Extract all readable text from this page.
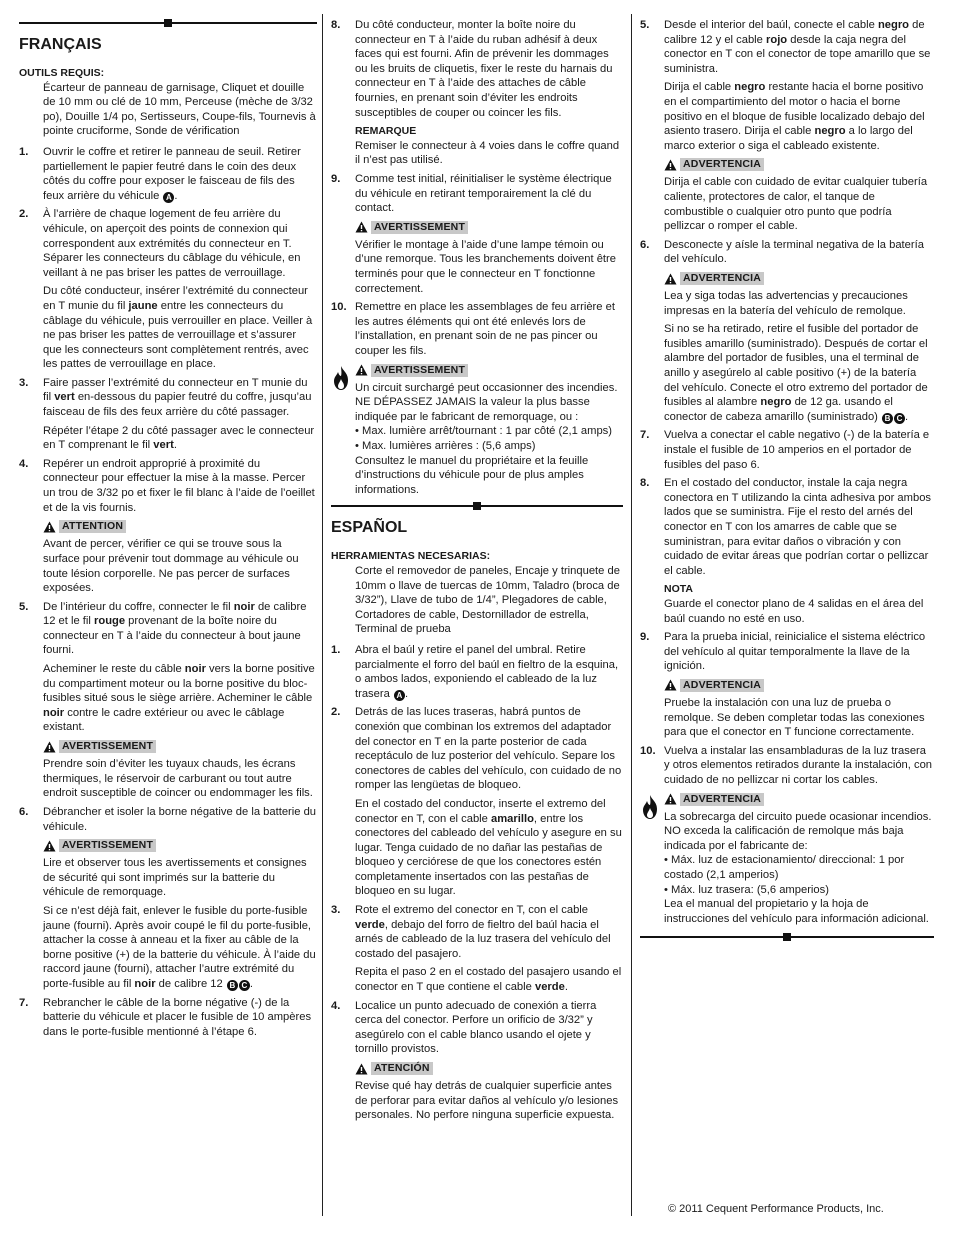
FRANÇAIS
OUTILS REQUIS:
Écarteur de panneau de garnisage, Cliquet et douille de 10 mm ou clé de 10 mm, Perceuse (mèche de 3/32 po), Douille 1/4 po, Sertisseurs, Coupe-fils, Tournevis à pointe cruciforme, Sonde de vérification
1. Ouvrir le coffre et retirer le panneau de seuil. Retirer partiellement le papier feutré dans le coin des deux côtés du coffre pour exposer le faisceau de fils des feux arrière du véhicule A .
2. À l’arrière de chaque logement de feu arrière du véhicule, on aperçoit des points de connexion qui correspondent aux extrémités du connecteur en T. Séparer les connecteurs du câblage du véhicule, en veillant à ne pas briser les pattes de verrouillage.
Du côté conducteur, insérer l’extrémité du connecteur en T munie du fil jaune entre les connecteurs du câblage du véhicule, puis verrouiller en place. Veiller à ne pas briser les pattes de verrouillage et s’assurer que les connecteurs sont complètement rentrés, avec les pattes de verrouillage en place.
3. Faire passer l’extrémité du connecteur en T munie du fil vert en-dessous du papier feutré du coffre, jusqu’au faisceau de fils des feux arrière du côté passager.
Répéter l’étape 2 du côté passager avec le connecteur en T comprenant le fil vert.
4. Repérer un endroit approprié à proximité du connecteur pour effectuer la mise à la masse. Percer un trou de 3/32 po et fixer le fil blanc à l’aide de l’oeillet et de la vis fournis.
ATTENTION
Avant de percer, vérifier ce qui se trouve sous la surface pour prévenir tout dommage au véhicule ou toute lésion corporelle. Ne pas percer de surfaces exposées.
5. De l’intérieur du coffre, connecter le fil noir de calibre 12 et le fil rouge provenant de la boîte noire du connecteur en T à l’aide du connecteur à bout jaune fourni.
Acheminer le reste du câble noir vers la borne positive du compartiment moteur ou la borne positive du bloc-fusibles situé sous le siège arrière. Acheminer le câble noir contre le cadre extérieur ou avec le câblage existant.
AVERTISSEMENT
Prendre soin d’éviter les tuyaux chauds, les écrans thermiques, le réservoir de carburant ou tout autre endroit susceptible de coincer ou endommager les fils.
6. Débrancher et isoler la borne négative de la batterie du véhicule.
AVERTISSEMENT
Lire et observer tous les avertissements et consignes de sécurité qui sont imprimés sur la batterie du véhicule de remorquage.
Si ce n’est déjà fait, enlever le fusible du porte-fusible jaune (fourni). Après avoir coupé le fil du porte-fusible, attacher la cosse à anneau et la fixer au câble de la borne positive (+) de la batterie du véhicule. À l’aide du raccord jaune (fourni), attacher l’autre extrémité du porte-fusible au fil noir de calibre 12 B C .
7. Rebrancher le câble de la borne négative (-) de la batterie du véhicule et placer le fusible de 10 ampères dans le porte-fusible mentionné à l’étape 6.
8. Du côté conducteur, monter la boîte noire du connecteur en T à l’aide du ruban adhésif à deux faces qui est fourni. Afin de prévenir les dommages ou les bruits de cliquetis, fixer le reste du harnais du connecteur en T à l’aide des attaches de câble fournies, en prenant soin d’éviter les endroits susceptibles de couper ou coincer les fils.
REMARQUE
Remiser le connecteur à 4 voies dans le coffre quand il n’est pas utilisé.
9. Comme test initial, réinitialiser le système électrique du véhicule en retirant temporairement la clé du contact.
AVERTISSEMENT
Vérifier le montage à l’aide d’une lampe témoin ou d’une remorque. Tous les branchements doivent être terminés pour que le connecteur en T fonctionne correctement.
10. Remettre en place les assemblages de feu arrière et les autres éléments qui ont été enlevés lors de l’installation, en prenant soin de ne pas pincer ou couper les fils.
AVERTISSEMENT
Un circuit surchargé peut occasionner des incendies.
NE DÉPASSEZ JAMAIS la valeur la plus basse indiquée par le fabricant de remorquage, ou :
• Max. lumière arrêt/tournant : 1 par côté (2,1 amps)
• Max. lumières arrières : (5,6 amps)
Consultez le manuel du propriétaire et la feuille d’instructions du véhicule pour de plus amples informations.
ESPAÑOL
HERRAMIENTAS NECESARIAS:
Corte el removedor de paneles, Encaje y trinquete de 10mm o llave de tuercas de 10mm, Taladro (broca de 3/32”), Llave de tubo de 1/4”, Plegadores de cable, Cortadores de cable, Destornillador de estrella, Terminal de prueba
1. Abra el baúl y retire el panel del umbral. Retire parcialmente el forro del baúl en fieltro de la esquina, o ambos lados, exponiendo el cableado de la luz trasera A .
2. Detrás de las luces traseras, habrá puntos de conexión que combinan los extremos del adaptador del conector en T en la parte posterior de cada receptáculo de luz posterior del vehículo. Separe los conectores de cables del vehículo, con cuidado de no romper las lengüetas de bloqueo.
En el costado del conductor, inserte el extremo del conector en T, con el cable amarillo, entre los conectores del cableado del vehículo y asegure en su lugar. Tenga cuidado de no dañar las pestañas de bloqueo y cerciórese de que los conectores estén completamente insertados con las pestañas de bloqueo en su lugar.
3. Rote el extremo del conector en T, con el cable verde, debajo del forro de fieltro del baúl hacia el arnés de cableado de la luz trasera del vehículo del costado del pasajero.
Repita el paso 2 en el costado del pasajero usando el conector en T que contiene el cable verde.
4. Localice un punto adecuado de conexión a tierra cerca del conector. Perfore un orificio de 3/32” y asegúrelo con el cable blanco usando el ojete y tornillo provistos.
ATENCIÓN
Revise qué hay detrás de cualquier superficie antes de perforar para evitar daños al vehículo y/o lesiones personales. No perfore ninguna superficie expuesta.
5. Desde el interior del baúl, conecte el cable negro de calibre 12 y el cable rojo desde la caja negra del conector en T con el conector de tope amarillo que se suministra.
Dirija el cable negro restante hacia el borne positivo en el compartimiento del motor o hacia el borne positivo en el bloque de fusible localizado debajo del asiento trasero. Dirija el cable negro a lo largo del marco exterior o siga el cableado existente.
ADVERTENCIA
Dirija el cable con cuidado de evitar cualquier tubería caliente, protectores de calor, el tanque de combustible o cualquier otro punto que podría pellizcar o romper el cable.
6. Desconecte y aísle la terminal negativa de la batería del vehículo.
ADVERTENCIA
Lea y siga todas las advertencias y precauciones impresas en la batería del vehículo de remolque.
Si no se ha retirado, retire el fusible del portador de fusibles amarillo (suministrado). Después de cortar el alambre del portador de fusibles, una el terminal de anillo y asegúrelo al cable positivo (+) de la batería del vehículo. Conecte el otro extremo del portador de fusibles al alambre negro de 12 ga. usando el conector de cabeza amarillo (suministrado) B C .
7. Vuelva a conectar el cable negativo (-) de la batería e instale el fusible de 10 amperios en el portador de fusibles del paso 6.
8. En el costado del conductor, instale la caja negra conectora en T utilizando la cinta adhesiva por ambos lados que se suministra. Fije el resto del arnés del conector en T con los amarres de cable que se suministran, para evitar daños o vibración y con cuidado de evitar áreas que podrían cortar o pellizcar el cable.
NOTA
Guarde el conector plano de 4 salidas en el área del baúl cuando no esté en uso.
9. Para la prueba inicial, reinicialice el sistema eléctrico del vehículo al quitar temporalmente la llave de la ignición.
ADVERTENCIA
Pruebe la instalación con una luz de prueba o remolque. Se deben completar todas las conexiones para que el conector en T funcione correctamente.
10. Vuelva a instalar las ensambladuras de la luz trasera y otros elementos retirados durante la instalación, con cuidado de no pellizcar ni cortar los cables.
ADVERTENCIA
La sobrecarga del circuito puede ocasionar incendios.
NO exceda la calificación de remolque más baja indicada por el fabricante de:
• Máx. luz de estacionamiento/ direccional: 1 por costado (2,1 amperios)
• Máx. luz trasera: (5,6 amperios)
Lea el manual del propietario y la hoja de instrucciones del vehículo para información adicional.
© 2011 Cequent Performance Products, Inc.
